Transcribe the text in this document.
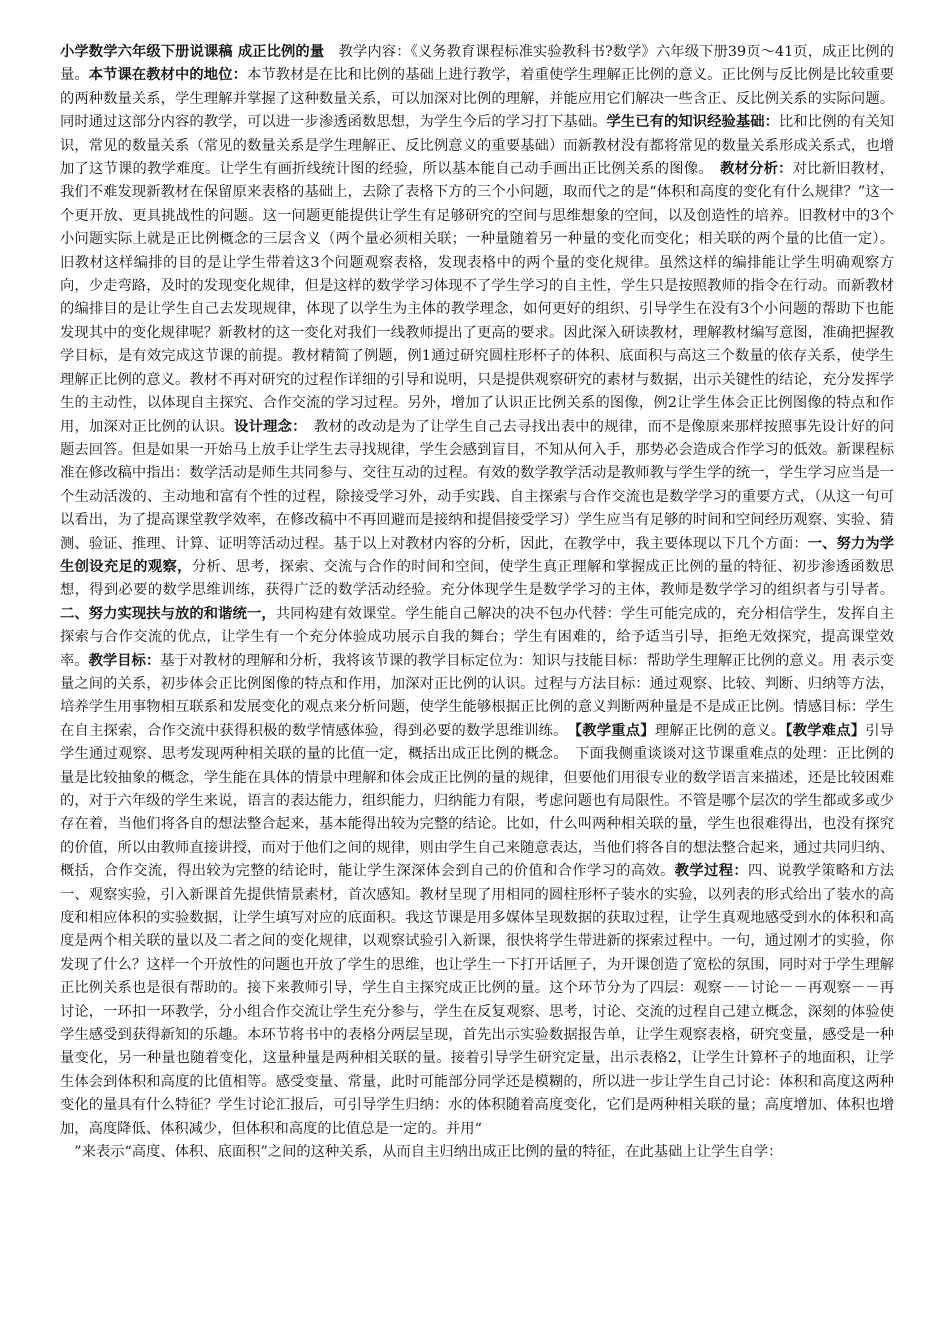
小学数学六年级下册说课稿 成正比例的量　教学内容：《义务教育课程标准实验教科书?数学》六年级下册39页～41页，成正比例的量。本节课在教材中的地位：本节教材是在比和比例的基础上进行教学，着重使学生理解正比例的意义。正比例与反比例是比较重要的两种数量关系，学生理解并掌握了这种数量关系，可以加深对比例的理解，并能应用它们解决一些含正、反比例关系的实际问题。同时通过这部分内容的教学，可以进一步渗透函数思想，为学生今后的学习打下基础。学生已有的知识经验基础：比和比例的有关知识，常见的数量关系（常见的数量关系是学生理解正、反比例意义的重要基础）而新教材没有都将常见的数量关系形成关系式，也增加了这节课的教学难度。让学生有画折线统计图的经验，所以基本能自己动手画出正比例关系的图像。　教材分析：对比新旧教材，我们不难发现新教材在保留原来表格的基础上，去除了表格下方的三个小问题，取而代之的是“体积和高度的变化有什么规律？”这一个更开放、更具挑战性的问题。这一问题更能提供让学生有足够研究的空间与思维想象的空间，以及创造性的培养。旧教材中的3个小问题实际上就是正比例概念的三层含义（两个量必须相关联；一种量随着另一种量的变化而变化；相关联的两个量的比值一定）。旧教材这样编排的目的是让学生带着这3个问题观察表格，发现表格中的两个量的变化规律。虽然这样的编排能让学生明确观察方向，少走弯路，及时的发现变化规律，但是这样的数学学习体现不了学生学习的自主性，学生只是按照教师的指令在行动。而新教材的编排目的是让学生自己去发现规律，体现了以学生为主体的教学理念，如何更好的组织、引导学生在没有3个小问题的帮助下也能发现其中的变化规律呢？新教材的这一变化对我们一线教师提出了更高的要求。因此深入研读教材，理解教材编写意图，准确把握教学目标，是有效完成这节课的前提。教材精简了例题，例1通过研究圆柱形杯子的体积、底面积与高这三个数量的依存关系，使学生理解正比例的意义。教材不再对研究的过程作详细的引导和说明，只是提供观察研究的素材与数据，出示关键性的结论，充分发挥学生的主动性，以体现自主探究、合作交流的学习过程。另外，增加了认识正比例关系的图像，例2让学生体会正比例图像的特点和作用，加深对正比例的认识。设计理念：　教材的改动是为了让学生自己去寻找出表中的规律，而不是像原来那样按照事先设计好的问题去回答。但是如果一开始马上放手让学生去寻找规律，学生会感到盲目，不知从何入手，那势必会造成合作学习的低效。新课程标准在修改稿中指出：数学活动是师生共同参与、交往互动的过程。有效的数学教学活动是教师教与学生学的统一，学生学习应当是一个生动活泼的、主动地和富有个性的过程，除接受学习外，动手实践、自主探索与合作交流也是数学学习的重要方式，（从这一句可以看出，为了提高课堂教学效率，在修改稿中不再回避而是接纳和提倡接受学习）学生应当有足够的时间和空间经历观察、实验、猜测、验证、推理、计算、证明等活动过程。基于以上对教材内容的分析，因此，在教学中，我主要体现以下几个方面：一、努力为学生创设充足的观察，分析、思考，探索、交流与合作的时间和空间，使学生真正理解和掌握成正比例的量的特征、初步渗透函数思想，得到必要的数学思维训练，获得广泛的数学活动经验。充分体现学生是数学学习的主体，教师是数学学习的组织者与引导者。二、努力实现扶与放的和谐统一，共同构建有效课堂。学生能自己解决的决不包办代替：学生可能完成的，充分相信学生，发挥自主探索与合作交流的优点，让学生有一个充分体验成功展示自我的舞台；学生有困难的，给予适当引导，拒绝无效探究，提高课堂效率。教学目标：基于对教材的理解和分析，我将该节课的教学目标定位为：知识与技能目标：帮助学生理解正比例的意义。用 表示变量之间的关系，初步体会正比例图像的特点和作用，加深对正比例的认识。过程与方法目标：通过观察、比较、判断、归纳等方法，培养学生用事物相互联系和发展变化的观点来分析问题，使学生能够根据正比例的意义判断两种量是不是成正比例。情感目标：学生在自主探索，合作交流中获得积极的数学情感体验，得到必要的数学思维训练。　【教学重点】理解正比例的意义。【教学难点】引导学生通过观察、思考发现两种相关联的量的比值一定，概括出成正比例的概念。　下面我侧重谈谈对这节课重难点的处理：正比例的量是比较抽象的概念，学生能在具体的情景中理解和体会成正比例的量的规律，但要他们用很专业的数学语言来描述，还是比较困难的，对于六年级的学生来说，语言的表达能力，组织能力，归纳能力有限，考虑问题也有局限性。不管是哪个层次的学生都或多或少存在着，当他们将各自的想法整合起来，基本能得出较为完整的结论。比如，什么叫两种相关联的量，学生也很难得出，也没有探究的价值，所以由教师直接讲授，而对于他们之间的规律，则由学生自己来随意表达，当他们将各自的想法整合起来，通过共同归纳、概括，合作交流，得出较为完整的结论时，能让学生深深体会到自己的价值和合作学习的高效。教学过程：四、说教学策略和方法一、观察实验，引入新课首先提供情景素材，首次感知。教材呈现了用相同的圆柱形杯子装水的实验，以列表的形式给出了装水的高度和相应体积的实验数据，让学生填写对应的底面积。我这节课是用多媒体呈现数据的获取过程，让学生真观地感受到水的体积和高度是两个相关联的量以及二者之间的变化规律，以观察试验引入新课，很快将学生带进新的探索过程中。一句，通过刚才的实验，你发现了什么？这样一个开放性的问题也开放了学生的思维，也让学生一下打开话匣子，为开课创造了宽松的氛围，同时对于学生理解正比例关系也是很有帮助的。接下来教师引导，学生自主探究成正比例的量。这个环节分为了四层：观察－－讨论－－再观察－－再讨论，一环扣一环教学，分小组合作交流让学生充分参与，学生在反复观察、思考，讨论、交流的过程自己建立概念，深刻的体验使学生感受到获得新知的乐趣。本环节将书中的表格分两层呈现，首先出示实验数据报告单，让学生观察表格，研究变量，感受是一种量变化，另一种量也随着变化，这量种量是两种相关联的量。接着引导学生研究定量，出示表格2，让学生计算杯子的地面积，让学生体会到体积和高度的比值相等。感受变量、常量，此时可能部分同学还是模糊的，所以进一步让学生自己讨论：体积和高度这两种变化的量具有什么特征？学生讨论汇报后，可引导学生归纳：水的体积随着高度变化，它们是两种相关联的量；高度增加、体积也增加，高度降低、体积减少，但体积和高度的比值总是一定的。并用“

　”来表示“高度、体积、底面积”之间的这种关系，从而自主归纳出成正比例的量的特征，在此基础上让学生自学：
